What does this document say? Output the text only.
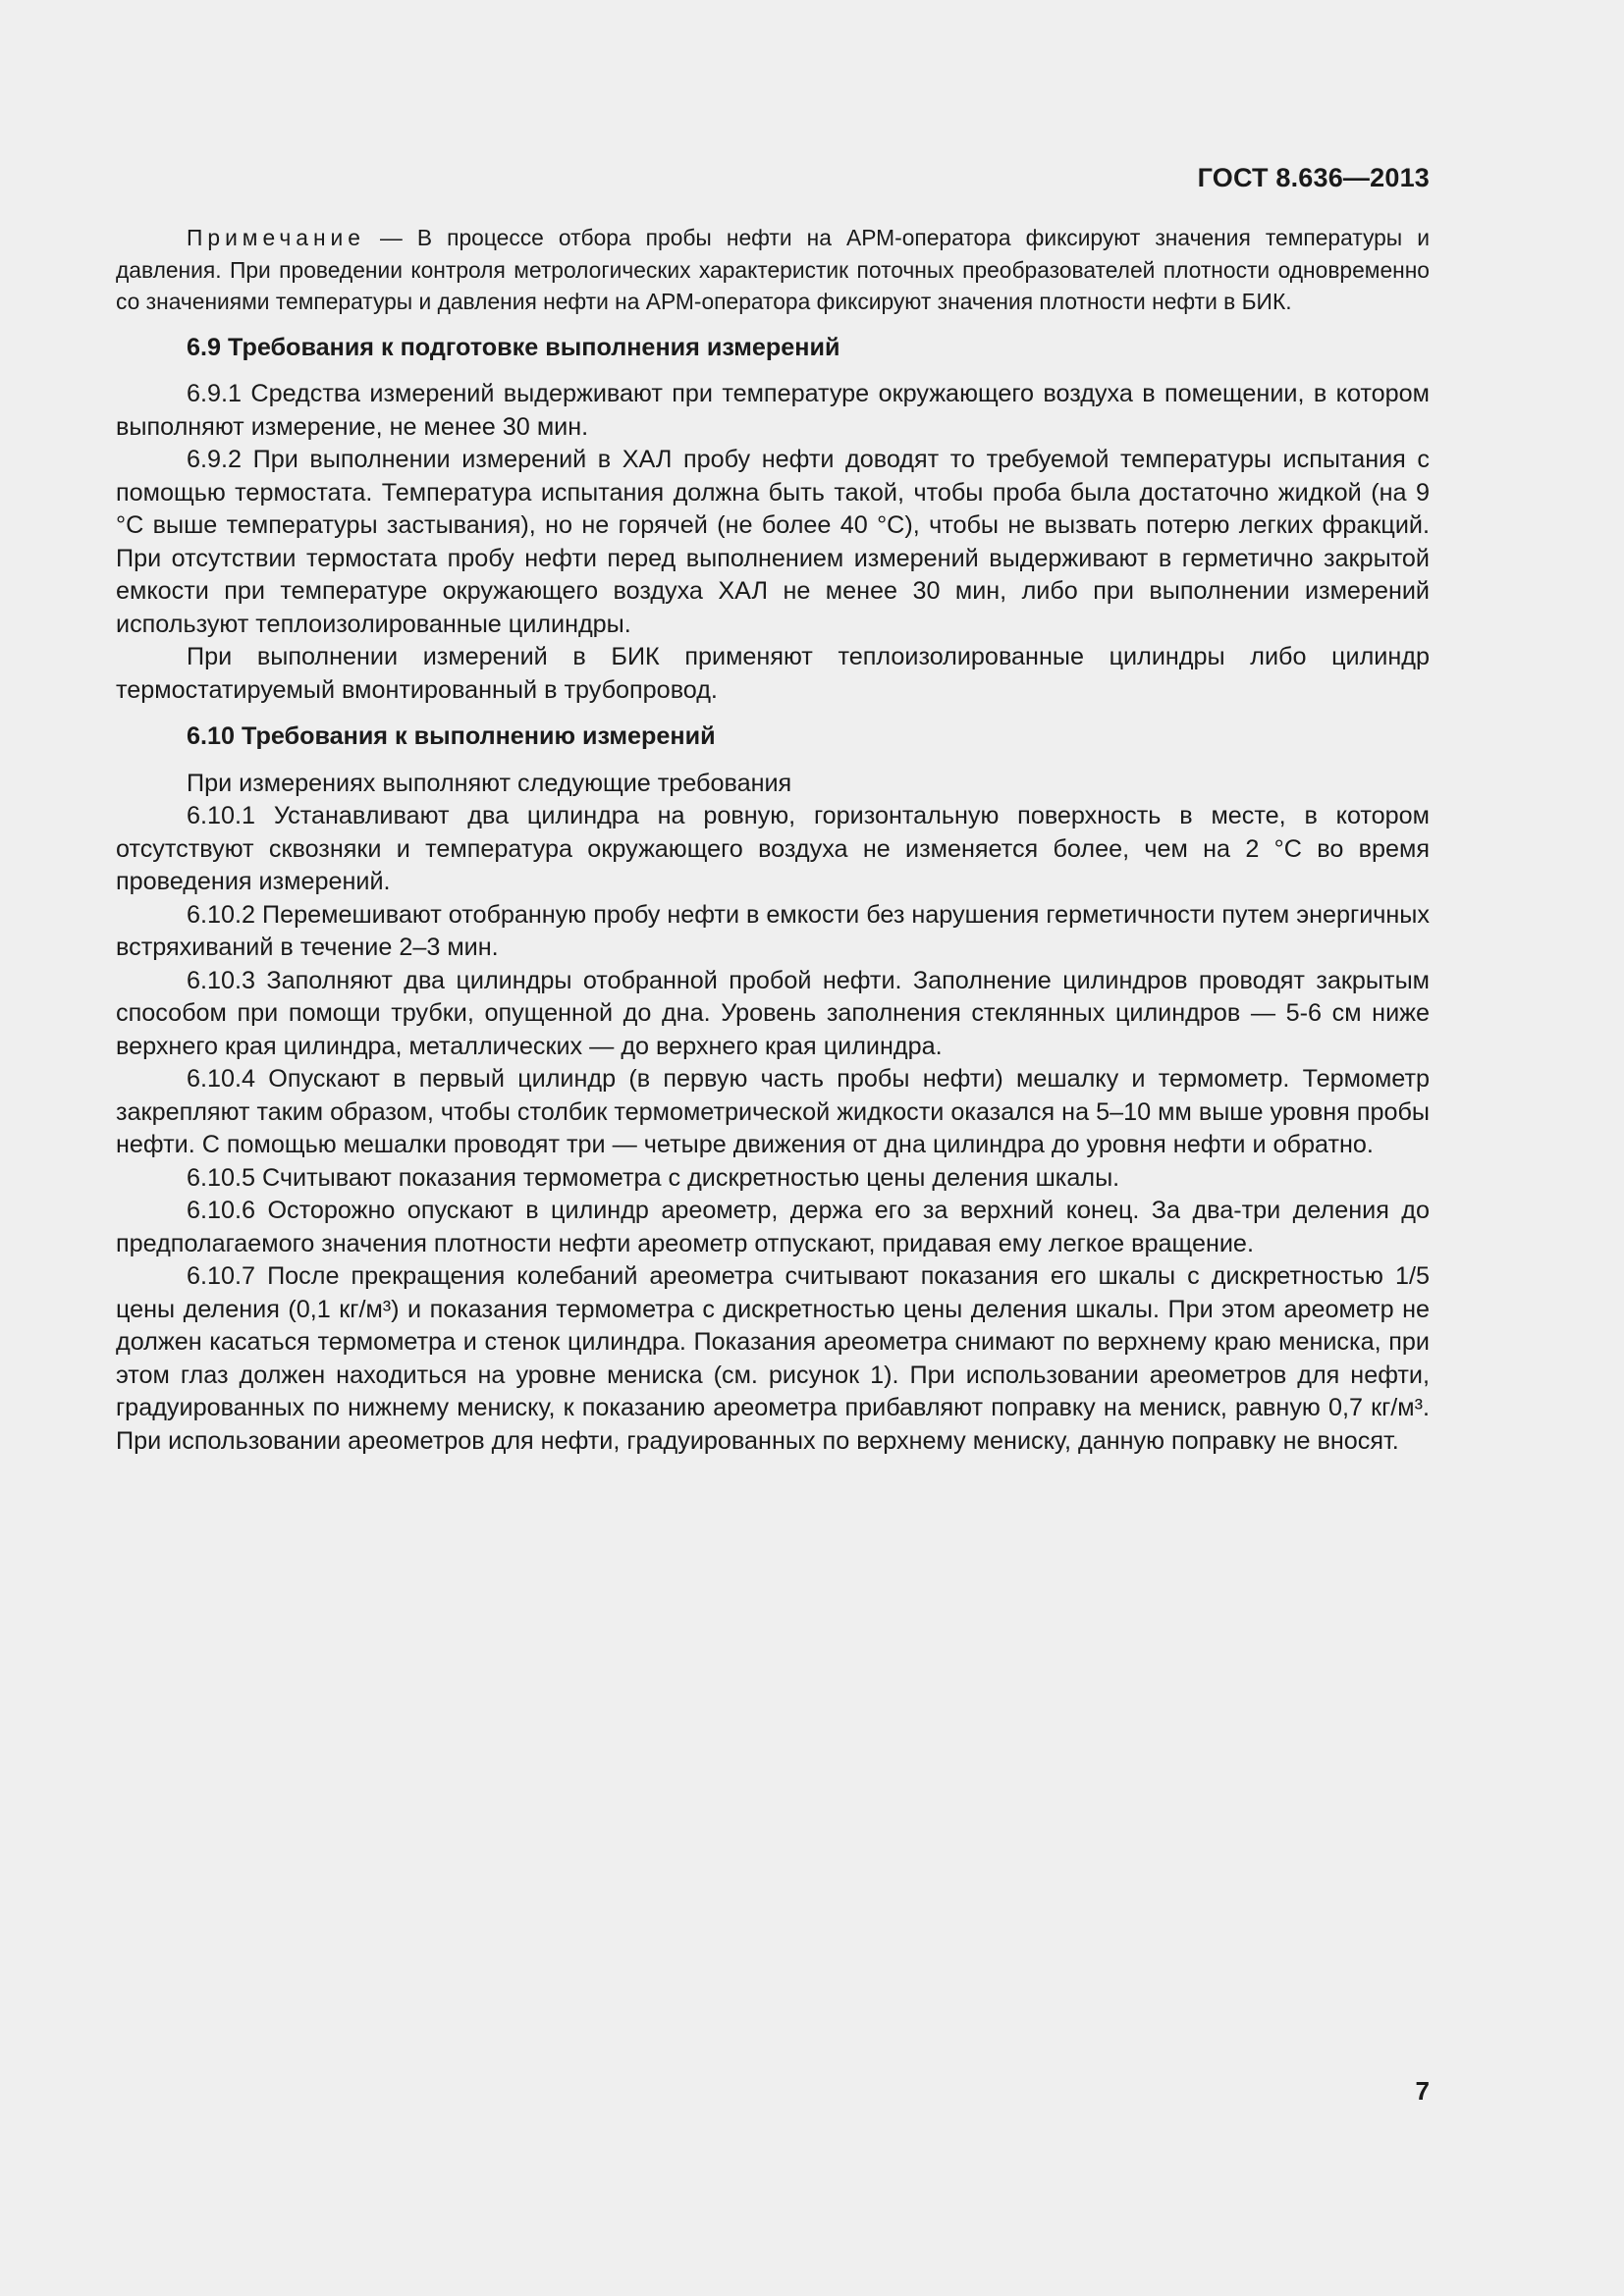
ГОСТ 8.636—2013

Примечание — В процессе отбора пробы нефти на АРМ-оператора фиксируют значения температуры и давления. При проведении контроля метрологических характеристик поточных преобразователей плотности одновременно со значениями температуры и давления нефти на АРМ-оператора фиксируют значения плотности нефти в БИК.

6.9 Требования к подготовке выполнения измерений

6.9.1 Средства измерений выдерживают при температуре окружающего воздуха в помещении, в котором выполняют измерение, не менее 30 мин.

6.9.2 При выполнении измерений в ХАЛ пробу нефти доводят то требуемой температуры испытания с помощью термостата. Температура испытания должна быть такой, чтобы проба была достаточно жидкой (на 9 °С выше температуры застывания), но не горячей (не более 40 °С), чтобы не вызвать потерю легких фракций. При отсутствии термостата пробу нефти перед выполнением измерений выдерживают в герметично закрытой емкости при температуре окружающего воздуха ХАЛ не менее 30 мин, либо при выполнении измерений используют теплоизолированные цилиндры.

При выполнении измерений в БИК применяют теплоизолированные цилиндры либо цилиндр термостатируемый вмонтированный в трубопровод.

6.10 Требования к выполнению измерений

При измерениях выполняют следующие требования

6.10.1 Устанавливают два цилиндра на ровную, горизонтальную поверхность в месте, в котором отсутствуют сквозняки и температура окружающего воздуха не изменяется более, чем на 2 °С во время проведения измерений.

6.10.2 Перемешивают отобранную пробу нефти в емкости без нарушения герметичности путем энергичных встряхиваний в течение 2–3 мин.

6.10.3 Заполняют два цилиндры отобранной пробой нефти. Заполнение цилиндров проводят закрытым способом при помощи трубки, опущенной до дна. Уровень заполнения стеклянных цилиндров — 5-6 см ниже верхнего края цилиндра, металлических — до верхнего края цилиндра.

6.10.4 Опускают в первый цилиндр (в первую часть пробы нефти) мешалку и термометр. Термометр закрепляют таким образом, чтобы столбик термометрической жидкости оказался на 5–10 мм выше уровня пробы нефти. С помощью мешалки проводят три — четыре движения от дна цилиндра до уровня нефти и обратно.

6.10.5 Считывают показания термометра с дискретностью цены деления шкалы.

6.10.6 Осторожно опускают в цилиндр ареометр, держа его за верхний конец. За два-три деления до предполагаемого значения плотности нефти ареометр отпускают, придавая ему легкое вращение.

6.10.7 После прекращения колебаний ареометра считывают показания его шкалы с дискретностью 1/5 цены деления (0,1 кг/м³) и показания термометра с дискретностью цены деления шкалы. При этом ареометр не должен касаться термометра и стенок цилиндра. Показания ареометра снимают по верхнему краю мениска, при этом глаз должен находиться на уровне мениска (см. рисунок 1). При использовании ареометров для нефти, градуированных по нижнему мениску, к показанию ареометра прибавляют поправку на мениск, равную 0,7 кг/м³. При использовании ареометров для нефти, градуированных по верхнему мениску, данную поправку не вносят.

7
